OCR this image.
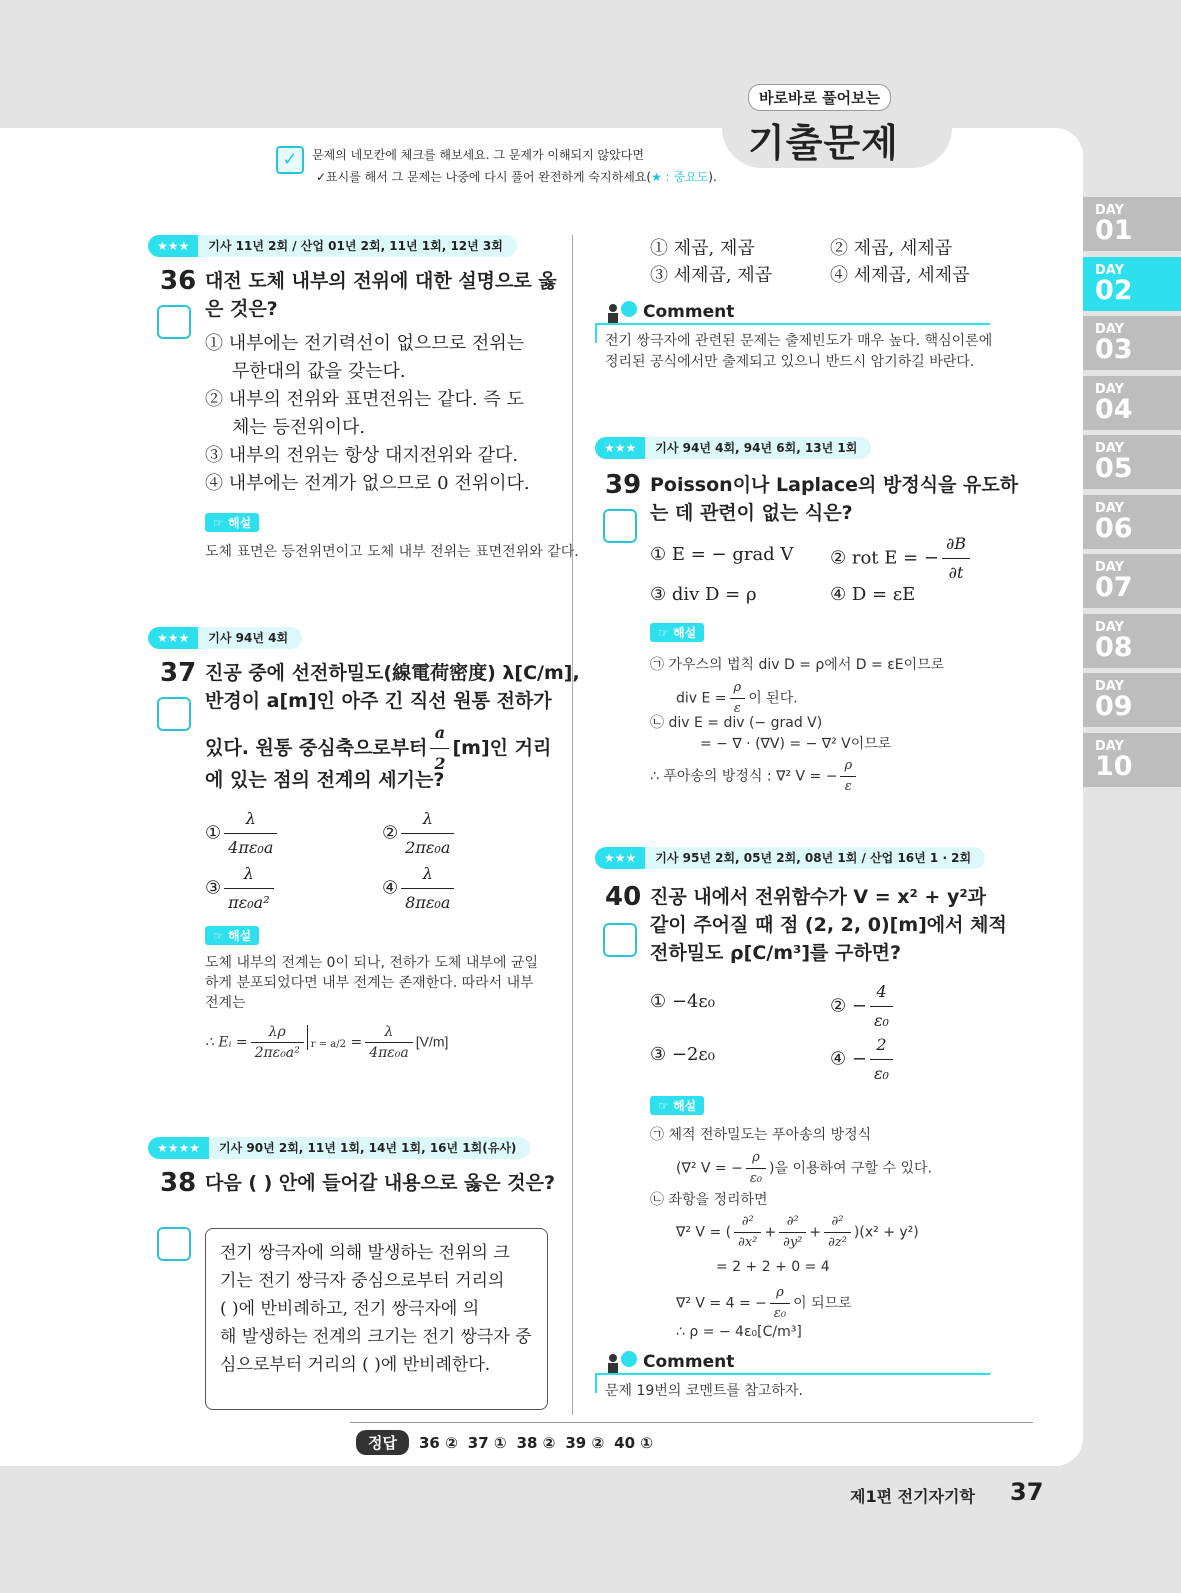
바로바로 풀어보는
기출문제
✓	문제의 네모칸에 체크를 해보세요. 그 문제가 이해되지 않았다면
✓표시를 해서 그 문제는 나중에 다시 풀어 완전하게 숙지하세요(★ : 중요도).
DAY
01
DAY
02
DAY
03
DAY
04
DAY
05
DAY
06
DAY
07
DAY
08
DAY
09
DAY
10
★★★	기사 11년 2회 / 산업 01년 2회, 11년 1회, 12년 3회
36 대전 도체 내부의 전위에 대한 설명으로 옳
은 것은?
① 내부에는 전기력선이 없으므로 전위는
무한대의 값을 갖는다.
② 내부의 전위와 표면전위는 같다. 즉 도
체는 등전위이다.
③ 내부의 전위는 항상 대지전위와 같다.
④ 내부에는 전계가 없으므로 0 전위이다.
☞ 해설
도체 표면은 등전위면이고 도체 내부 전위는 표면전위와 같다.
★★★	기사 94년 4회
37 진공 중에 선전하밀도(線電荷密度) λ[C/m],
반경이 a[m]인 아주 긴 직선 원통 전하가
있다. 원통 중심축으로부터 $\frac{a}{2} [m]$인 거리
에 있는 점의 전계의 세기는?
① $\frac{\lambda}{\text{4πε₀a}}$	② $\frac{\lambda}{\text{2πε₀a}}$
③ $\frac{\lambda}{\text{πε₀a²}}$	④ $\frac{\lambda}{\text{8πε₀a}}$
☞ 해설
도체 내부의 전계는 0이 되나, 전하가 도체 내부에 균일
하게 분포되었다면 내부 전계는 존재한다. 따라서 내부
전계는
∴ Eᵢ = $\frac{\lambda\rho}{\text{2πε₀a²}}$ $r = a/2 = \frac{\lambda}{\text{4πε₀a}} [V/m]$
★★★★	기사 90년 2회, 11년 1회, 14년 1회, 16년 1회(유사)
38 다음 ( ) 안에 들어갈 내용으로 옳은 것은?
전기 쌍극자에 의해 발생하는 전위의 크
기는 전기 쌍극자 중심으로부터 거리의
( )에 반비례하고, 전기 쌍극자에 의
해 발생하는 전계의 크기는 전기 쌍극자 중
심으로부터 거리의 ( )에 반비례한다.
① 제곱, 제곱	② 제곱, 세제곱
③ 세제곱, 제곱	④ 세제곱, 세제곱
Comment
전기 쌍극자에 관련된 문제는 출제빈도가 매우 높다. 핵심이론에
정리된 공식에서만 출제되고 있으니 반드시 암기하길 바란다.
★★★	기사 94년 4회, 94년 6회, 13년 1회
39 Poisson이나 Laplace의 방정식을 유도하
는 데 관련이 없는 식은?
① E = − grad V ② rot E = − $\frac{\partial B}{\partial t}$
③ div D = ρ	④ D = εE
☞ 해설
㉠ 가우스의 법칙 div D = ρ에서 D = εE이므로
div $E = \frac{\rho}{\varepsilon}$ 이 된다.
㉡ div E = div (− grad V)
= − ∇ · (∇V) = − ∇² V이므로
∴ 푸아송의 방정식 : ∇² V = − $\frac{\rho}{\varepsilon}$
★★★	기사 95년 2회, 05년 2회, 08년 1회 / 산업 16년 1 · 2회
40 진공 내에서 전위함수가 V = x² + y²과
같이 주어질 때 점 (2, 2, 0)[m]에서 체적
전하밀도 ρ[C/m³]를 구하면?
① −4ε₀	② − $\frac{4}{\text{ε₀}}$
③ −2ε₀	④ − $\frac{2}{\text{ε₀}}$
☞ 해설
㉠ 체적 전하밀도는 푸아송의 방정식
(∇² V = − $\frac{\rho}{\text{ε₀}}$ )을 이용하여 구할 수 있다.
㉡ 좌항을 정리하면
∇² V = ( $\frac{\text{∂²}}{\text{∂x²}} + \frac{\text{∂²}}{\text{∂y²}} + \frac{\text{∂²}}{\text{∂z²}} )(x^2 + y^2)$
= 2 + 2 + 0 = 4
∇² V = 4 = − $\frac{\rho}{\text{ε₀}}$ 이 되므로
∴ ρ = − 4ε₀[C/m³]
Comment
문제 19번의 코멘트를 참고하자.
정답	36 ② 37 ① 38 ② 39 ② 40 ①
제1편 전기자기학 37
